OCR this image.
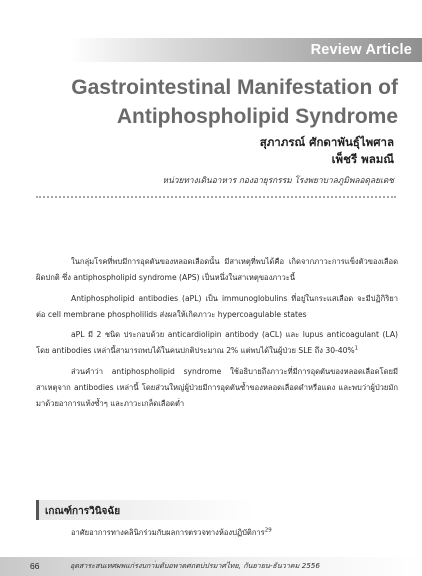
Review Article
Gastrointestinal Manifestation of
Antiphospholipid Syndrome
สุภาภรณ์ ศักดาพันธุ์ไพศาล
เพ็ชรี พลมณี
หน่วยทางเดินอาหาร กองอายุรกรรม โรงพยาบาลภูมิพลอดุลยเดช

ในกลุ่มโรคที่พบมีการอุดตันของหลอดเลือดนั้น มีสาเหตุที่พบได้คือ เกิดจากภาวะการแข็งตัวของเลือดผิดปกติ ซึ่ง antiphospholipid syndrome (APS) เป็นหนึ่งในสาเหตุของภาวะนี้

Antiphospholipid antibodies (aPL) เป็น immunoglobulins ที่อยู่ในกระแสเลือด จะมีปฏิกิริยาต่อ cell membrane phospholilids ส่งผลให้เกิดภาวะ hypercoagulable states

aPL มี 2 ชนิด ประกอบด้วย anticardiolipin antibody (aCL) และ lupus anticoagulant (LA) โดย antibodies เหล่านี้สามารถพบได้ในคนปกติประมาณ 2% แต่พบได้ในผู้ป่วย SLE ถึง 30-40%$^1$

ส่วนคำว่า antiphospholipid syndrome ใช้อธิบายถึงภาวะที่มีการอุดตันของหลอดเลือดโดยมีสาเหตุจาก antibodies เหล่านี้ โดยส่วนใหญ่ผู้ป่วยมีการอุดตันซ้ำของหลอดเลือดดำหรือแดง และพบว่าผู้ป่วยมักมาด้วยอาการแท้งซ้ำๆ และภาวะเกล็ดเลือดต่ำ

เกณฑ์การวินิจฉัย
อาศัยอาการทางคลินิกร่วมกับผลการตรวจทางห้องปฏิบัติการ$^{29}$
66	อุดสาระสนเทศผพแก่รงบกา่มดับอพาดศถตบ่ปรมาศไทย, กันยายน-ธันวาคม 2556
